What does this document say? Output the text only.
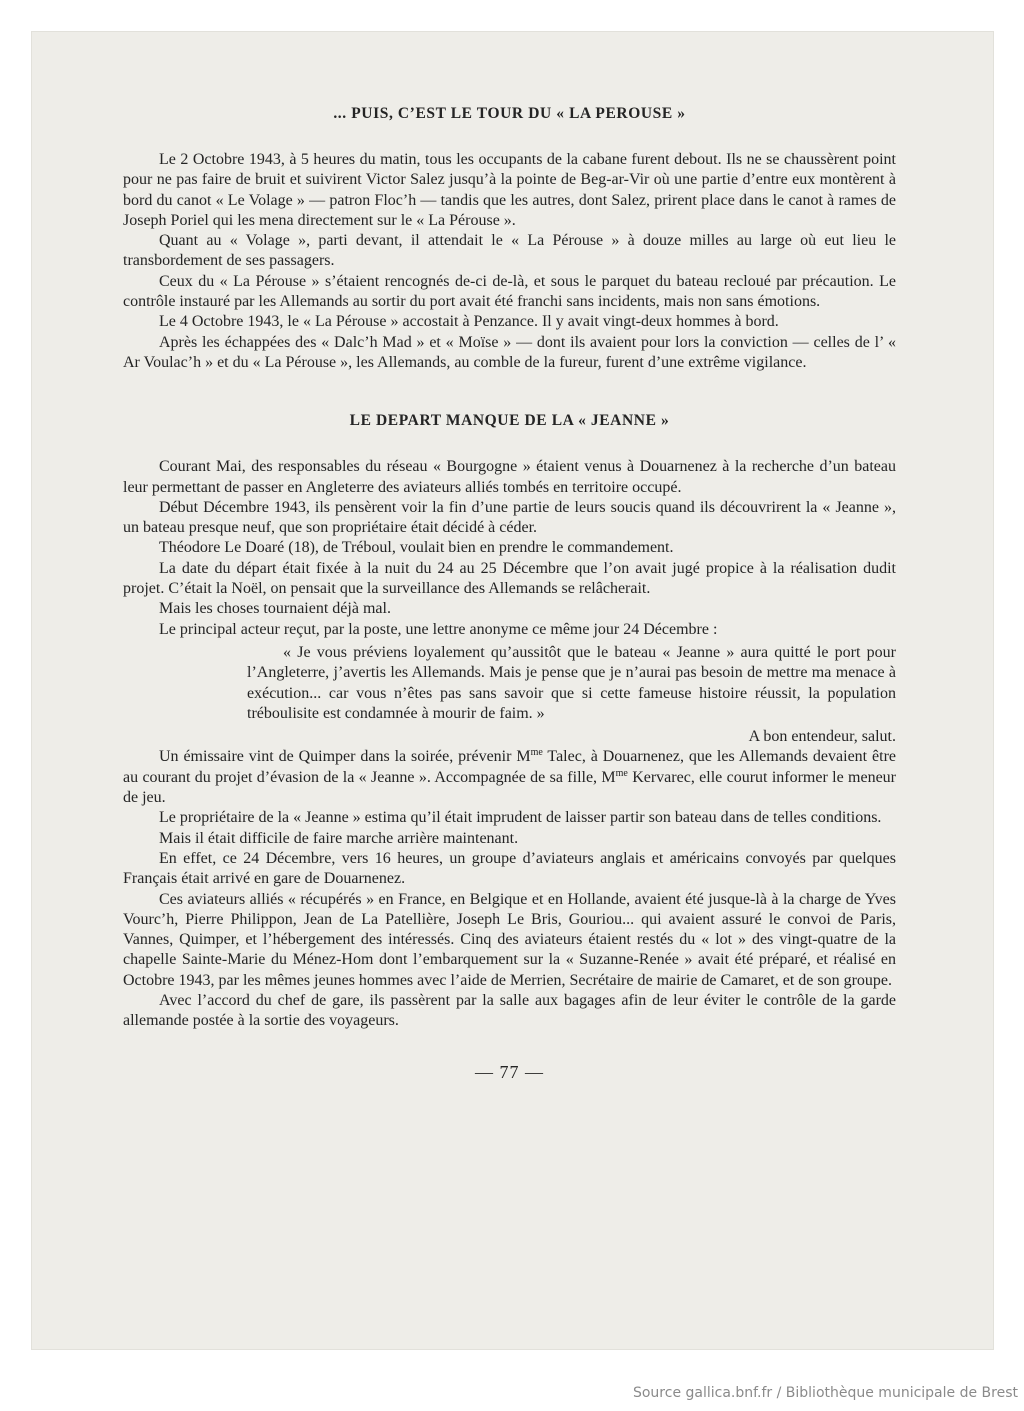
... PUIS, C’EST LE TOUR DU « LA PEROUSE »

Le 2 Octobre 1943, à 5 heures du matin, tous les occupants de la cabane furent debout. Ils ne se chaussèrent point pour ne pas faire de bruit et suivirent Victor Salez jusqu’à la pointe de Beg-ar-Vir où une partie d’entre eux montèrent à bord du canot « Le Volage » — patron Floc’h — tandis que les autres, dont Salez, prirent place dans le canot à rames de Joseph Poriel qui les mena directement sur le « La Pérouse ».

Quant au « Volage », parti devant, il attendait le « La Pérouse » à douze milles au large où eut lieu le transbordement de ses passagers.

Ceux du « La Pérouse » s’étaient rencognés de-ci de-là, et sous le parquet du bateau recloué par précaution. Le contrôle instauré par les Allemands au sortir du port avait été franchi sans incidents, mais non sans émotions.

Le 4 Octobre 1943, le « La Pérouse » accostait à Penzance. Il y avait vingt-deux hommes à bord.

Après les échappées des « Dalc’h Mad » et « Moïse » — dont ils avaient pour lors la conviction — celles de l’ « Ar Voulac’h » et du « La Pérouse », les Allemands, au comble de la fureur, furent d’une extrême vigilance.

LE DEPART MANQUE DE LA « JEANNE »

Courant Mai, des responsables du réseau « Bourgogne » étaient venus à Douarnenez à la recherche d’un bateau leur permettant de passer en Angleterre des aviateurs alliés tombés en territoire occupé.

Début Décembre 1943, ils pensèrent voir la fin d’une partie de leurs soucis quand ils découvrirent la « Jeanne », un bateau presque neuf, que son propriétaire était décidé à céder.

Théodore Le Doaré (18), de Tréboul, voulait bien en prendre le commandement.

La date du départ était fixée à la nuit du 24 au 25 Décembre que l’on avait jugé propice à la réalisation dudit projet. C’était la Noël, on pensait que la surveillance des Allemands se relâcherait.

Mais les choses tournaient déjà mal.

Le principal acteur reçut, par la poste, une lettre anonyme ce même jour 24 Décembre :

« Je vous préviens loyalement qu’aussitôt que le bateau « Jeanne » aura quitté le port pour l’Angleterre, j’avertis les Allemands. Mais je pense que je n’aurai pas besoin de mettre ma menace à exécution... car vous n’êtes pas sans savoir que si cette fameuse histoire réussit, la population tréboulisite est condamnée à mourir de faim. »

A bon entendeur, salut.

Un émissaire vint de Quimper dans la soirée, prévenir $M^{me}$ Talec, à Douarnenez, que les Allemands devaient être au courant du projet d’évasion de la « Jeanne ». Accompagnée de sa fille, $M^{me}$ Kervarec, elle courut informer le meneur de jeu.

Le propriétaire de la « Jeanne » estima qu’il était imprudent de laisser partir son bateau dans de telles conditions.

Mais il était difficile de faire marche arrière maintenant.

En effet, ce 24 Décembre, vers 16 heures, un groupe d’aviateurs anglais et américains convoyés par quelques Français était arrivé en gare de Douarnenez.

Ces aviateurs alliés « récupérés » en France, en Belgique et en Hollande, avaient été jusque-là à la charge de Yves Vourc’h, Pierre Philippon, Jean de La Patellière, Joseph Le Bris, Gouriou... qui avaient assuré le convoi de Paris, Vannes, Quimper, et l’hébergement des intéressés. Cinq des aviateurs étaient restés du « lot » des vingt-quatre de la chapelle Sainte-Marie du Ménez-Hom dont l’embarquement sur la « Suzanne-Renée » avait été préparé, et réalisé en Octobre 1943, par les mêmes jeunes hommes avec l’aide de Merrien, Secrétaire de mairie de Camaret, et de son groupe.

Avec l’accord du chef de gare, ils passèrent par la salle aux bagages afin de leur éviter le contrôle de la garde allemande postée à la sortie des voyageurs.

— 77 —
Source gallica.bnf.fr / Bibliothèque municipale de Brest
